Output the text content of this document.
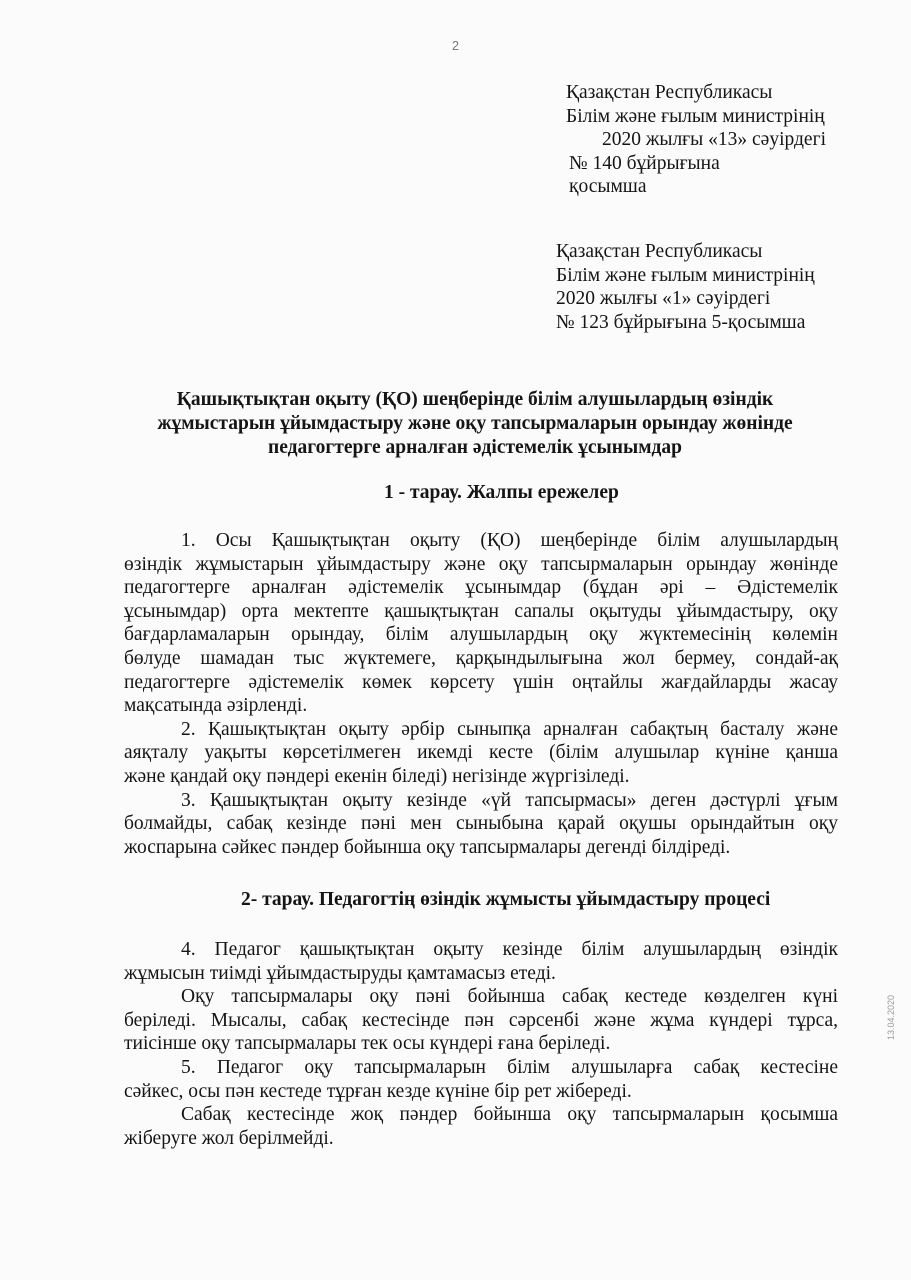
2
Қазақстан Республикасы
Білім және ғылым министрінің
2020 жылғы «13» сәуірдегі
№ 140 бұйрығына
қосымша
Қазақстан Республикасы
Білім және ғылым министрінің
2020 жылғы «1» сәуірдегі
№ 123 бұйрығына 5-қосымша
Қашықтықтан оқыту (ҚО) шеңберінде білім алушылардың өзіндік
жұмыстарын ұйымдастыру және оқу тапсырмаларын орындау жөнінде
педагогтерге арналған әдістемелік ұсынымдар
1 - тарау. Жалпы ережелер
1. Осы Қашықтықтан оқыту (ҚО) шеңберінде білім алушылардың
өзіндік жұмыстарын ұйымдастыру және оқу тапсырмаларын орындау жөнінде
педагогтерге арналған әдістемелік ұсынымдар (бұдан әрі – Әдістемелік
ұсынымдар) орта мектепте қашықтықтан сапалы оқытуды ұйымдастыру, оқу
бағдарламаларын орындау, білім алушылардың оқу жүктемесінің көлемін
бөлуде шамадан тыс жүктемеге, қарқындылығына жол бермеу, сондай-ақ
педагогтерге әдістемелік көмек көрсету үшін оңтайлы жағдайларды жасау
мақсатында әзірленді.
2. Қашықтықтан оқыту әрбір сыныпқа арналған сабақтың басталу және
аяқталу уақыты көрсетілмеген икемді кесте (білім алушылар күніне қанша
және қандай оқу пәндері екенін біледі) негізінде жүргізіледі.
3. Қашықтықтан оқыту кезінде «үй тапсырмасы» деген дәстүрлі ұғым
болмайды, сабақ кезінде пәні мен сыныбына қарай оқушы орындайтын оқу
жоспарына сәйкес пәндер бойынша оқу тапсырмалары дегенді білдіреді.
2- тарау. Педагогтің өзіндік жұмысты ұйымдастыру процесі
4. Педагог қашықтықтан оқыту кезінде білім алушылардың өзіндік
жұмысын тиімді ұйымдастыруды қамтамасыз етеді.
Оқу тапсырмалары оқу пәні бойынша сабақ кестеде көзделген күні
беріледі. Мысалы, сабақ кестесінде пән сәрсенбі және жұма күндері тұрса,
тиісінше оқу тапсырмалары тек осы күндері ғана беріледі.
5. Педагог оқу тапсырмаларын білім алушыларға сабақ кестесіне
сәйкес, осы пән кестеде тұрған кезде күніне бір рет жібереді.
Сабақ кестесінде жоқ пәндер бойынша оқу тапсырмаларын қосымша
жіберуге жол берілмейді.
13.04.2020
